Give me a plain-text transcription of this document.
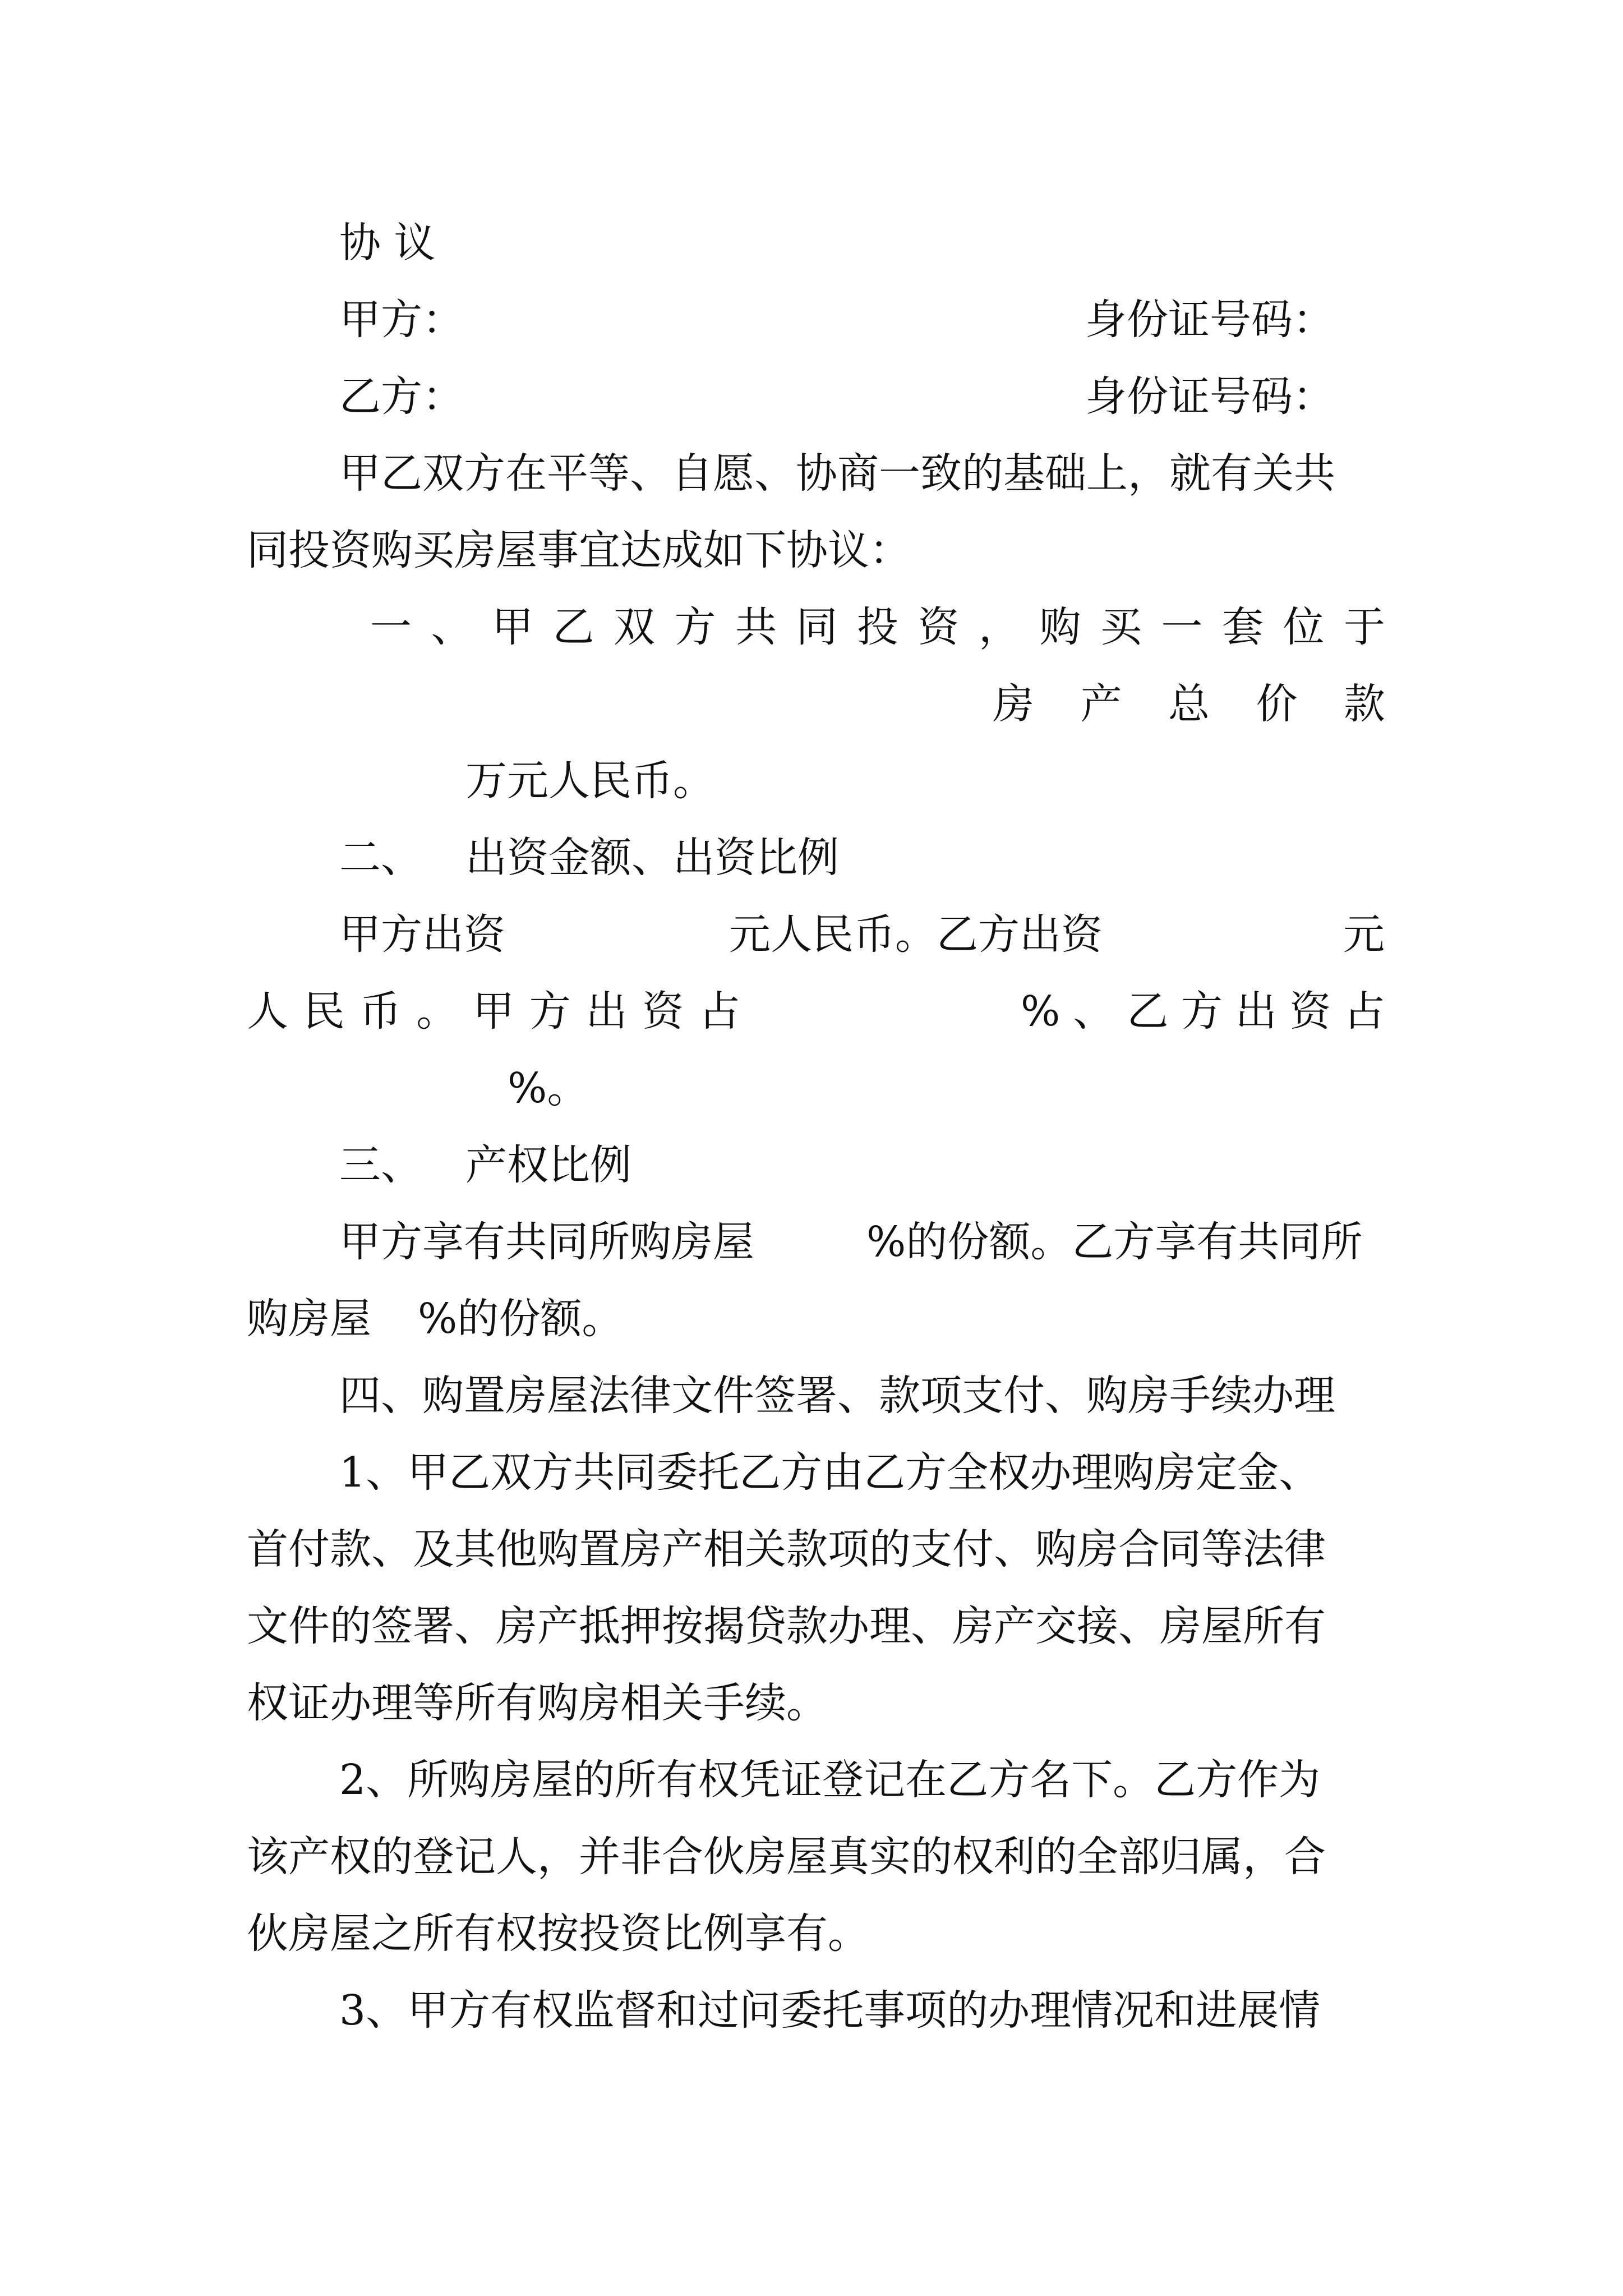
协 议
甲方：	身份证号码：
乙方：	身份证号码：
甲乙双方在平等、自愿、协商一致的基础上，就有关共
同投资购买房屋事宜达成如下协议：
一 、 甲 乙 双 方 共 同 投 资 ， 购 买 一 套 位 于
房 产 总 价 款
万元人民币。
二、 出资金额、出资比例
甲方出资	元人民币。乙方出资	元
人 民 币 。 甲 方 出 资 占	% 、 乙 方 出 资 占
%。
三、 产权比例
甲方享有共同所购房屋	%的份额。乙方享有共同所
购房屋 %的份额。
四、购置房屋法律文件签署、款项支付、购房手续办理
1、甲乙双方共同委托乙方由乙方全权办理购房定金、
首付款、及其他购置房产相关款项的支付、购房合同等法律
文件的签署、房产抵押按揭贷款办理、房产交接、房屋所有
权证办理等所有购房相关手续。
2、所购房屋的所有权凭证登记在乙方名下。乙方作为
该产权的登记人，并非合伙房屋真实的权利的全部归属，合
伙房屋之所有权按投资比例享有。
3、甲方有权监督和过问委托事项的办理情况和进展情
